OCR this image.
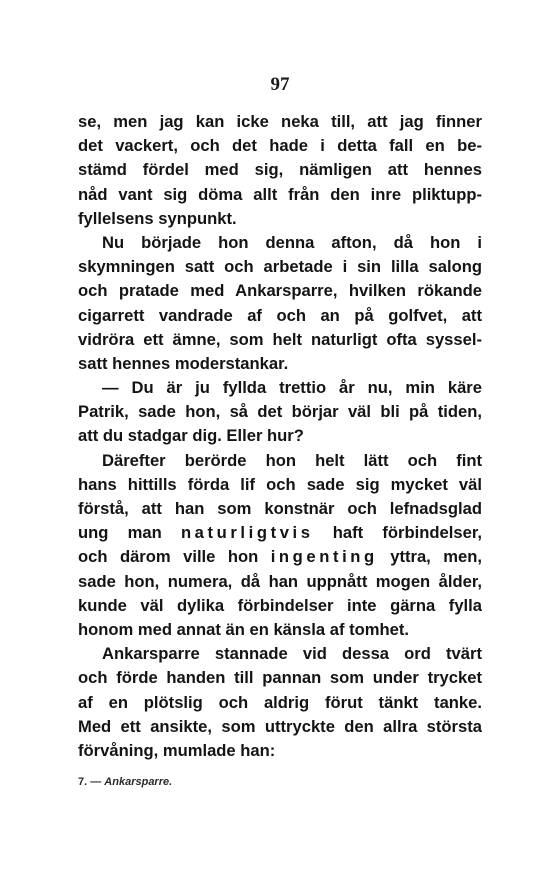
97
se, men jag kan icke neka till, att jag finner
det vackert, och det hade i detta fall en be-
stämd fördel med sig, nämligen att hennes
nåd vant sig döma allt från den inre pliktupp-
fyllelsens synpunkt.
Nu började hon denna afton, då hon i
skymningen satt och arbetade i sin lilla salong
och pratade med Ankarsparre, hvilken rökande
cigarrett vandrade af och an på golfvet, att
vidröra ett ämne, som helt naturligt ofta syssel-
satt hennes moderstankar.
— Du är ju fyllda trettio år nu, min käre
Patrik, sade hon, så det börjar väl bli på tiden,
att du stadgar dig. Eller hur?
Därefter berörde hon helt lätt och fint
hans hittills förda lif och sade sig mycket väl
förstå, att han som konstnär och lefnadsglad
ung man naturligtvis haft förbindelser,
och därom ville hon ingenting yttra, men,
sade hon, numera, då han uppnått mogen ålder,
kunde väl dylika förbindelser inte gärna fylla
honom med annat än en känsla af tomhet.
Ankarsparre stannade vid dessa ord tvärt
och förde handen till pannan som under trycket
af en plötslig och aldrig förut tänkt tanke.
Med ett ansikte, som uttryckte den allra största
förvåning, mumlade han:
7. — Ankarsparre.
